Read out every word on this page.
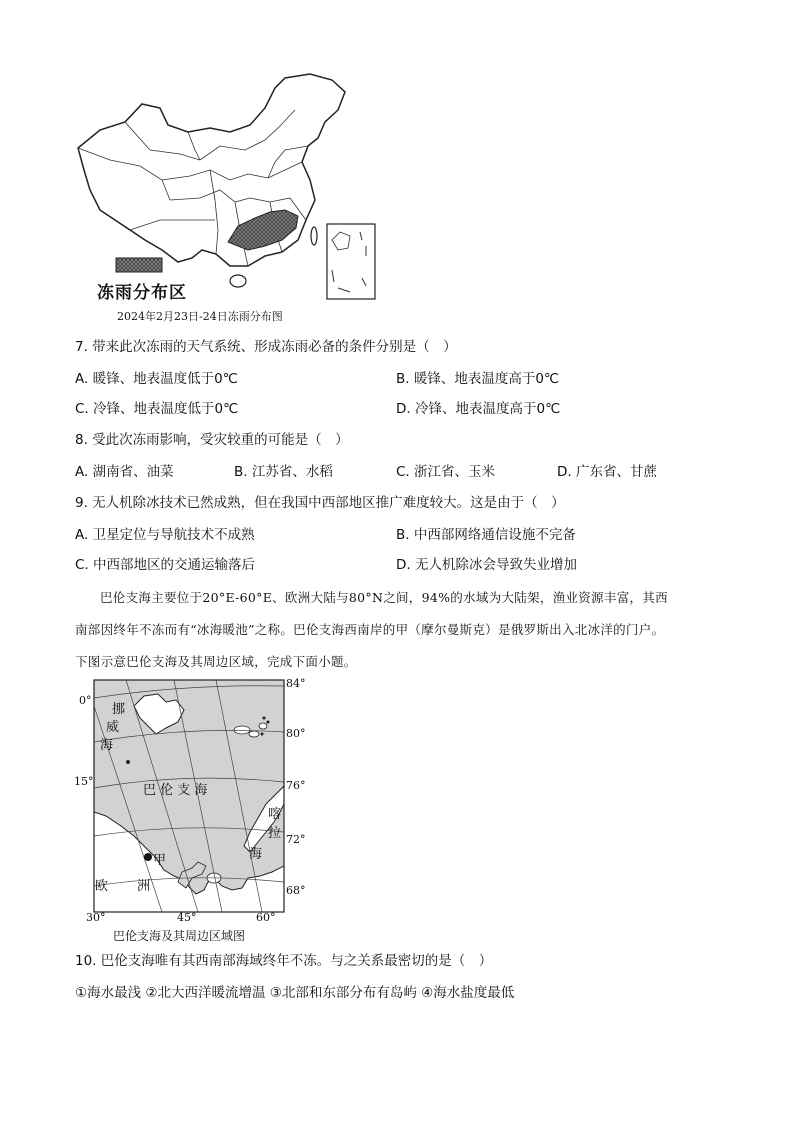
冻雨分布区
2024年2月23日-24日冻雨分布图
7. 带来此次冻雨的天气系统、形成冻雨必备的条件分别是（　）
A. 暖锋、地表温度低于0℃	B. 暖锋、地表温度高于0℃
C. 冷锋、地表温度低于0℃	D. 冷锋、地表温度高于0℃
8. 受此次冻雨影响，受灾较重的可能是（　）
A. 湖南省、油菜	B. 江苏省、水稻	C. 浙江省、玉米	D. 广东省、甘蔗
9. 无人机除冰技术已然成熟，但在我国中西部地区推广难度较大。这是由于（　）
A. 卫星定位与导航技术不成熟	B. 中西部网络通信设施不完备
C. 中西部地区的交通运输落后	D. 无人机除冰会导致失业增加
巴伦支海主要位于20°E-60°E、欧洲大陆与80°N之间，94%的水域为大陆架，渔业资源丰富，其西
南部因终年不冻而有“冰海暖池”之称。巴伦支海西南岸的甲（摩尔曼斯克）是俄罗斯出入北冰洋的门户。
下图示意巴伦支海及其周边区域，完成下面小题。
挪
威
海
巴 伦 支 海
喀
拉
海
欧 洲
甲
84°
80°
76°
72°
68°
0°
15°
30°	45°	60°
巴伦支海及其周边区域图
10. 巴伦支海唯有其西南部海域终年不冻。与之关系最密切的是（　）
①海水最浅 ②北大西洋暖流增温 ③北部和东部分布有岛屿 ④海水盐度最低
